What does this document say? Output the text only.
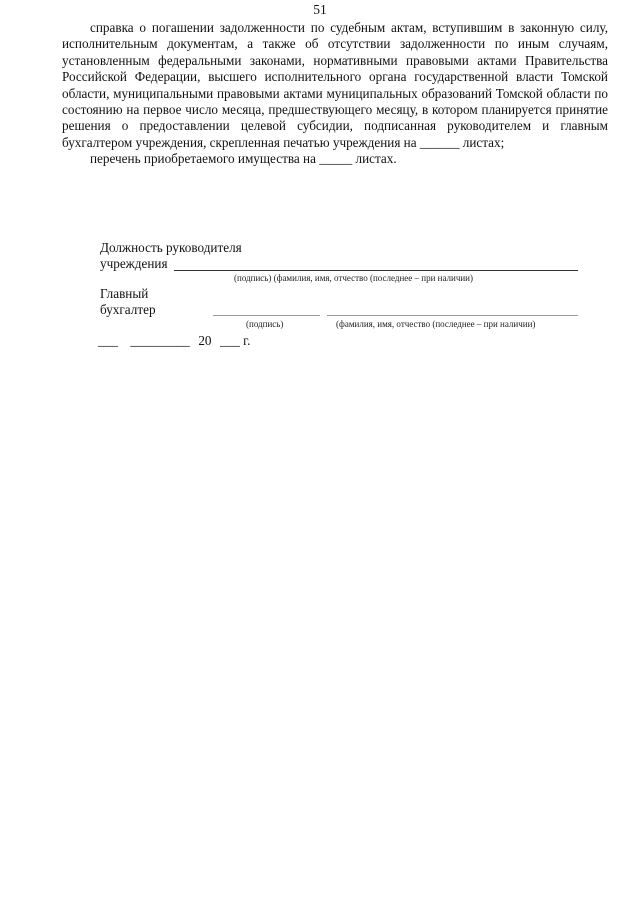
51

справка о погашении задолженности по судебным актам, вступившим в законную силу, исполнительным документам, а также об отсутствии задолженности по иным случаям, установленным федеральными законами, нормативными правовыми актами Правительства Российской Федерации, высшего исполнительного органа государственной власти Томской области, муниципальными правовыми актами муниципальных образований Томской области по состоянию на первое число месяца, предшествующего месяцу, в котором планируется принятие решения о предоставлении целевой субсидии, подписанная руководителем и главным бухгалтером учреждения, скрепленная печатью учреждения на ______ листах;

перечень приобретаемого имущества на _____ листах.

Должность руководителя
учреждения
(подпись) (фамилия, имя, отчество (последнее – при наличии)
Главный
бухгалтер
(подпись)	(фамилия, имя, отчество (последнее – при наличии)
___ _________ 20 ___ г.
